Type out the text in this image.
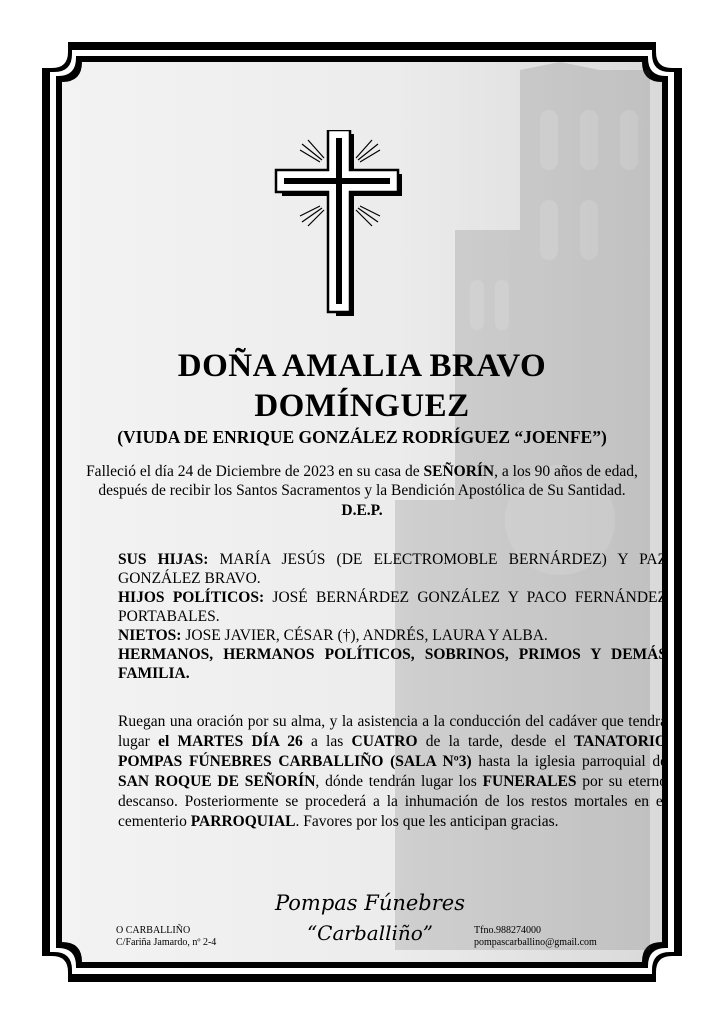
DOÑA AMALIA BRAVO
DOMÍNGUEZ
(VIUDA DE ENRIQUE GONZÁLEZ RODRÍGUEZ “JOENFE”)
Falleció el día 24 de Diciembre de 2023 en su casa de SEÑORÍN, a los 90 años de edad, después de recibir los Santos Sacramentos y la Bendición Apostólica de Su Santidad.
D.E.P.

SUS HIJAS: MARÍA JESÚS (DE ELECTROMOBLE BERNÁRDEZ) Y PAZ GONZÁLEZ BRAVO.

HIJOS POLÍTICOS: JOSÉ BERNÁRDEZ GONZÁLEZ Y PACO FERNÁNDEZ PORTABALES.

NIETOS: JOSE JAVIER, CÉSAR (†), ANDRÉS, LAURA Y ALBA.

HERMANOS, HERMANOS POLÍTICOS, SOBRINOS, PRIMOS Y DEMÁS FAMILIA.

Ruegan una oración por su alma, y la asistencia a la conducción del cadáver que tendrá lugar el MARTES DÍA 26 a las CUATRO de la tarde, desde el TANATORIO POMPAS FÚNEBRES CARBALLIÑO (SALA Nº3) hasta la iglesia parroquial de SAN ROQUE DE SEÑORÍN, dónde tendrán lugar los FUNERALES por su eterno descanso. Posteriormente se procederá a la inhumación de los restos mortales en el cementerio PARROQUIAL. Favores por los que les anticipan gracias.
Pompas Fúnebres
“Carballiño”
O CARBALLIÑO
C/Fariña Jamardo, nº 2-4
Tfno.988274000
pompascarballino@gmail.com
